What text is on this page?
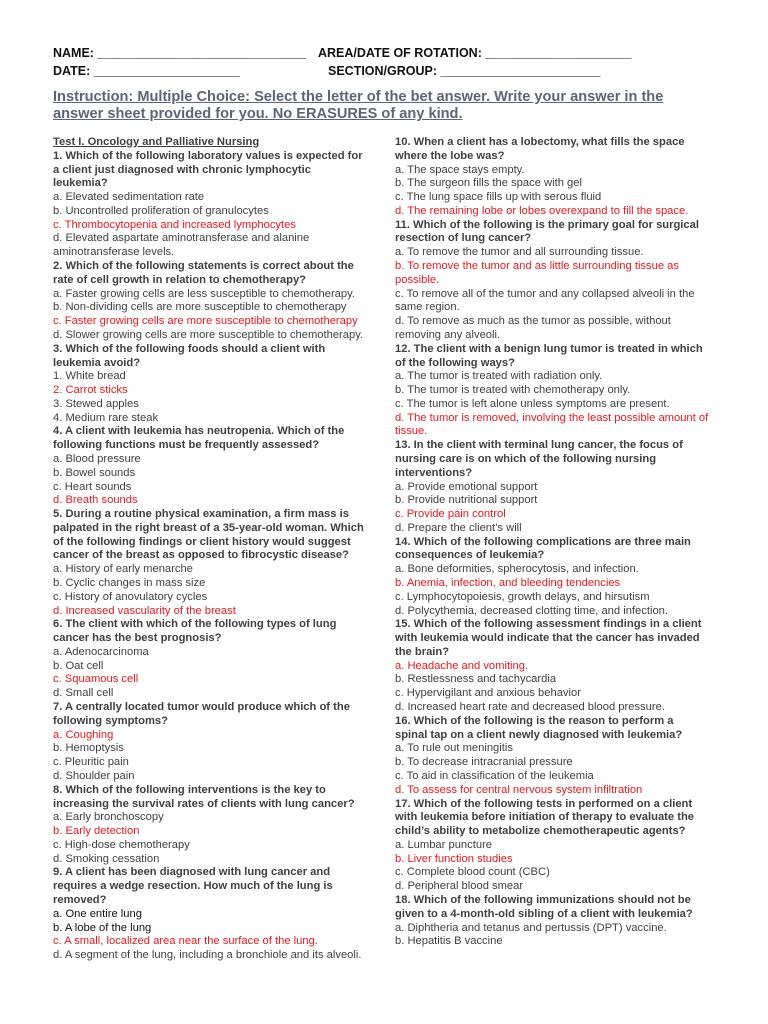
NAME: ______________________________ AREA/DATE OF ROTATION: _____________________
DATE: _____________________	SECTION/GROUP: _______________________
Instruction: Multiple Choice: Select the letter of the bet answer. Write your answer in the answer sheet provided for you. No ERASURES of any kind.
Test I. Oncology and Palliative Nursing
1. Which of the following laboratory values is expected for
a client just diagnosed with chronic lymphocytic
leukemia?
a. Elevated sedimentation rate
b. Uncontrolled proliferation of granulocytes
c. Thrombocytopenia and increased lymphocytes
d. Elevated aspartate aminotransferase and alanine
aminotransferase levels.
2. Which of the following statements is correct about the
rate of cell growth in relation to chemotherapy?
a. Faster growing cells are less susceptible to chemotherapy.
b. Non-dividing cells are more susceptible to chemotherapy
c. Faster growing cells are more susceptible to chemotherapy
d. Slower growing cells are more susceptible to chemotherapy.
3. Which of the following foods should a client with
leukemia avoid?
1. White bread
2. Carrot sticks
3. Stewed apples
4. Medium rare steak
4. A client with leukemia has neutropenia. Which of the
following functions must be frequently assessed?
a. Blood pressure
b. Bowel sounds
c. Heart sounds
d. Breath sounds
5. During a routine physical examination, a firm mass is
palpated in the right breast of a 35-year-old woman. Which
of the following findings or client history would suggest
cancer of the breast as opposed to fibrocystic disease?
a. History of early menarche
b. Cyclic changes in mass size
c. History of anovulatory cycles
d. Increased vascularity of the breast
6. The client with which of the following types of lung
cancer has the best prognosis?
a. Adenocarcinoma
b. Oat cell
c. Squamous cell
d. Small cell
7. A centrally located tumor would produce which of the
following symptoms?
a. Coughing
b. Hemoptysis
c. Pleuritic pain
d. Shoulder pain
8. Which of the following interventions is the key to
increasing the survival rates of clients with lung cancer?
a. Early bronchoscopy
b. Early detection
c. High-dose chemotherapy
d. Smoking cessation
9. A client has been diagnosed with lung cancer and
requires a wedge resection. How much of the lung is
removed?
a. One entire lung
b. A lobe of the lung
c. A small, localized area near the surface of the lung.
d. A segment of the lung, including a bronchiole and its alveoli.
10. When a client has a lobectomy, what fills the space
where the lobe was?
a. The space stays empty.
b. The surgeon fills the space with gel
c. The lung space fills up with serous fluid
d. The remaining lobe or lobes overexpand to fill the space.
11. Which of the following is the primary goal for surgical
resection of lung cancer?
a. To remove the tumor and all surrounding tissue.
b. To remove the tumor and as little surrounding tissue as
possible.
c. To remove all of the tumor and any collapsed alveoli in the
same region.
d. To remove as much as the tumor as possible, without
removing any alveoli.
12. The client with a benign lung tumor is treated in which
of the following ways?
a. The tumor is treated with radiation only.
b. The tumor is treated with chemotherapy only.
c. The tumor is left alone unless symptoms are present.
d. The tumor is removed, involving the least possible amount of
tissue.
13. In the client with terminal lung cancer, the focus of
nursing care is on which of the following nursing
interventions?
a. Provide emotional support
b. Provide nutritional support
c. Provide pain control
d. Prepare the client’s will
14. Which of the following complications are three main
consequences of leukemia?
a. Bone deformities, spherocytosis, and infection.
b. Anemia, infection, and bleeding tendencies
c. Lymphocytopoiesis, growth delays, and hirsutism
d. Polycythemia, decreased clotting time, and infection.
15. Which of the following assessment findings in a client
with leukemia would indicate that the cancer has invaded
the brain?
a. Headache and vomiting.
b. Restlessness and tachycardia
c. Hypervigilant and anxious behavior
d. Increased heart rate and decreased blood pressure.
16. Which of the following is the reason to perform a
spinal tap on a client newly diagnosed with leukemia?
a. To rule out meningitis
b. To decrease intracranial pressure
c. To aid in classification of the leukemia
d. To assess for central nervous system infiltration
17. Which of the following tests in performed on a client
with leukemia before initiation of therapy to evaluate the
child’s ability to metabolize chemotherapeutic agents?
a. Lumbar puncture
b. Liver function studies
c. Complete blood count (CBC)
d. Peripheral blood smear
18. Which of the following immunizations should not be
given to a 4-month-old sibling of a client with leukemia?
a. Diphtheria and tetanus and pertussis (DPT) vaccine.
b. Hepatitis B vaccine
